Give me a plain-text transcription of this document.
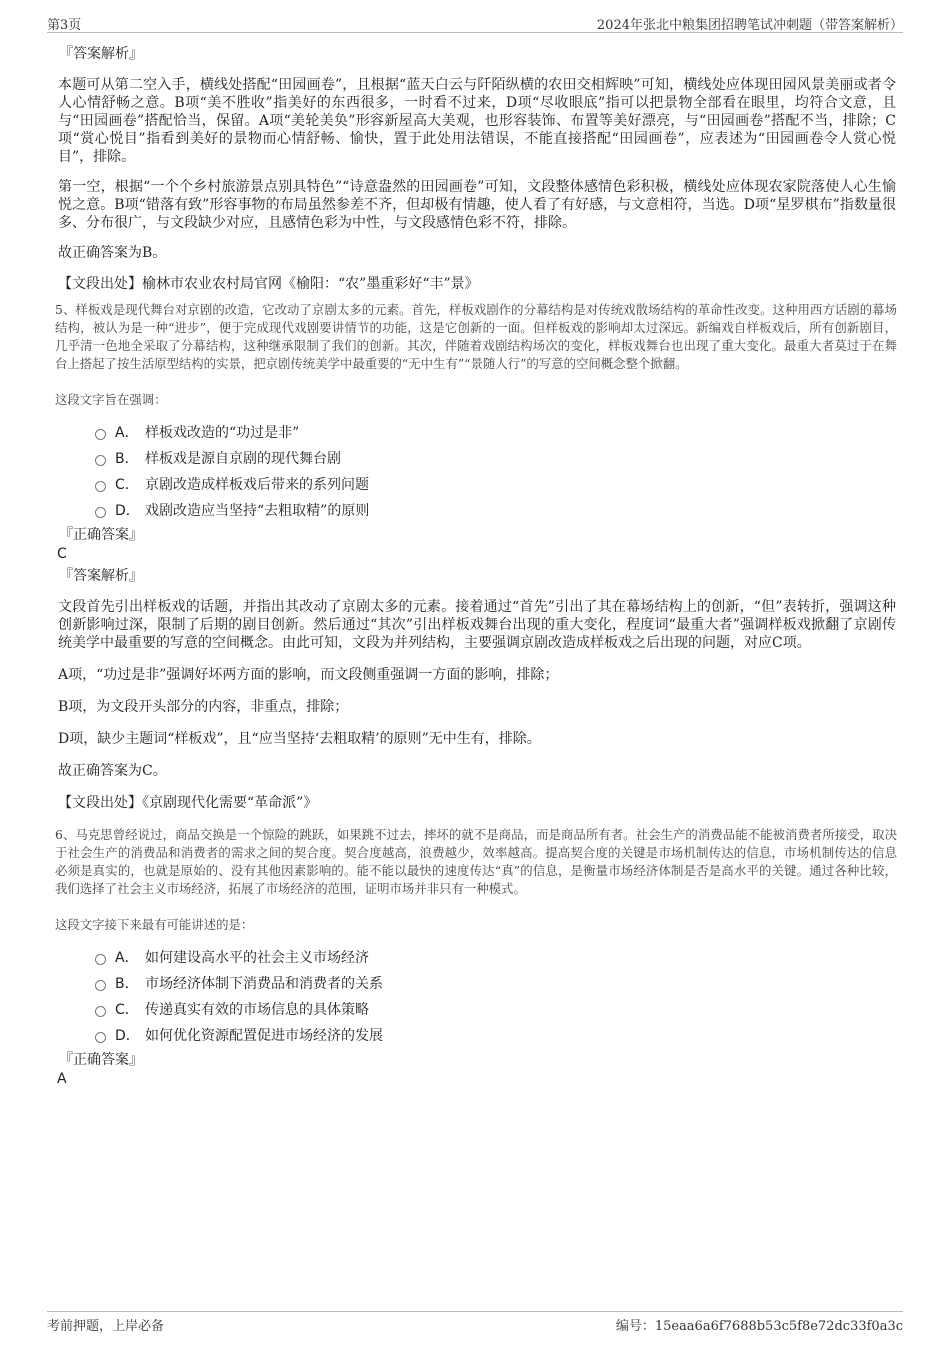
第3页	2024年张北中粮集团招聘笔试冲刺题（带答案解析）
『答案解析』

本题可从第二空入手，横线处搭配“田园画卷”，且根据“蓝天白云与阡陌纵横的农田交相辉映”可知，横线处应体现田园风景美丽或者令人心情舒畅之意。B项“美不胜收”指美好的东西很多，一时看不过来，D项“尽收眼底”指可以把景物全部看在眼里，均符合文意，且与“田园画卷”搭配恰当，保留。A项“美轮美奂”形容新屋高大美观，也形容装饰、布置等美好漂亮，与“田园画卷”搭配不当，排除；C项“赏心悦目”指看到美好的景物而心情舒畅、愉快，置于此处用法错误，不能直接搭配“田园画卷”，应表述为“田园画卷令人赏心悦目”，排除。

第一空，根据“一个个乡村旅游景点别具特色”“诗意盎然的田园画卷”可知，文段整体感情色彩积极，横线处应体现农家院落使人心生愉悦之意。B项“错落有致”形容事物的布局虽然参差不齐，但却极有情趣，使人看了有好感，与文意相符，当选。D项“星罗棋布”指数量很多、分布很广，与文段缺少对应，且感情色彩为中性，与文段感情色彩不符，排除。

故正确答案为B。

【文段出处】榆林市农业农村局官网《榆阳：“农”墨重彩好“丰”景》

5、样板戏是现代舞台对京剧的改造，它改动了京剧太多的元素。首先，样板戏剧作的分幕结构是对传统戏散场结构的革命性改变。这种用西方话剧的幕场结构，被认为是一种“进步”，便于完成现代戏剧要讲情节的功能，这是它创新的一面。但样板戏的影响却太过深远。新编戏自样板戏后，所有创新剧目，几乎清一色地全采取了分幕结构，这种继承限制了我们的创新。其次，伴随着戏剧结构场次的变化，样板戏舞台也出现了重大变化。最重大者莫过于在舞台上搭起了按生活原型结构的实景，把京剧传统美学中最重要的“无中生有”“景随人行”的写意的空间概念整个掀翻。

这段文字旨在强调：

A． 样板戏改造的“功过是非”
B． 样板戏是源自京剧的现代舞台剧
C． 京剧改造成样板戏后带来的系列问题
D． 戏剧改造应当坚持“去粗取精”的原则
『正确答案』
C
『答案解析』

文段首先引出样板戏的话题，并指出其改动了京剧太多的元素。接着通过“首先”引出了其在幕场结构上的创新，“但”表转折，强调这种创新影响过深，限制了后期的剧目创新。然后通过“其次”引出样板戏舞台出现的重大变化，程度词“最重大者”强调样板戏掀翻了京剧传统美学中最重要的写意的空间概念。由此可知，文段为并列结构，主要强调京剧改造成样板戏之后出现的问题，对应C项。

A项，“功过是非”强调好坏两方面的影响，而文段侧重强调一方面的影响，排除；

B项，为文段开头部分的内容，非重点，排除；

D项，缺少主题词“样板戏”，且“应当坚持‘去粗取精’的原则”无中生有，排除。

故正确答案为C。

【文段出处】《京剧现代化需要“革命派”》

6、马克思曾经说过，商品交换是一个惊险的跳跃，如果跳不过去，摔坏的就不是商品，而是商品所有者。社会生产的消费品能不能被消费者所接受，取决于社会生产的消费品和消费者的需求之间的契合度。契合度越高，浪费越少，效率越高。提高契合度的关键是市场机制传达的信息，市场机制传达的信息必须是真实的，也就是原始的、没有其他因素影响的。能不能以最快的速度传达“真”的信息，是衡量市场经济体制是否是高水平的关键。通过各种比较，我们选择了社会主义市场经济，拓展了市场经济的范围，证明市场并非只有一种模式。

这段文字接下来最有可能讲述的是：

A． 如何建设高水平的社会主义市场经济
B． 市场经济体制下消费品和消费者的关系
C． 传递真实有效的市场信息的具体策略
D． 如何优化资源配置促进市场经济的发展
『正确答案』
A
考前押题，上岸必备	编号：15eaa6a6f7688b53c5f8e72dc33f0a3c
